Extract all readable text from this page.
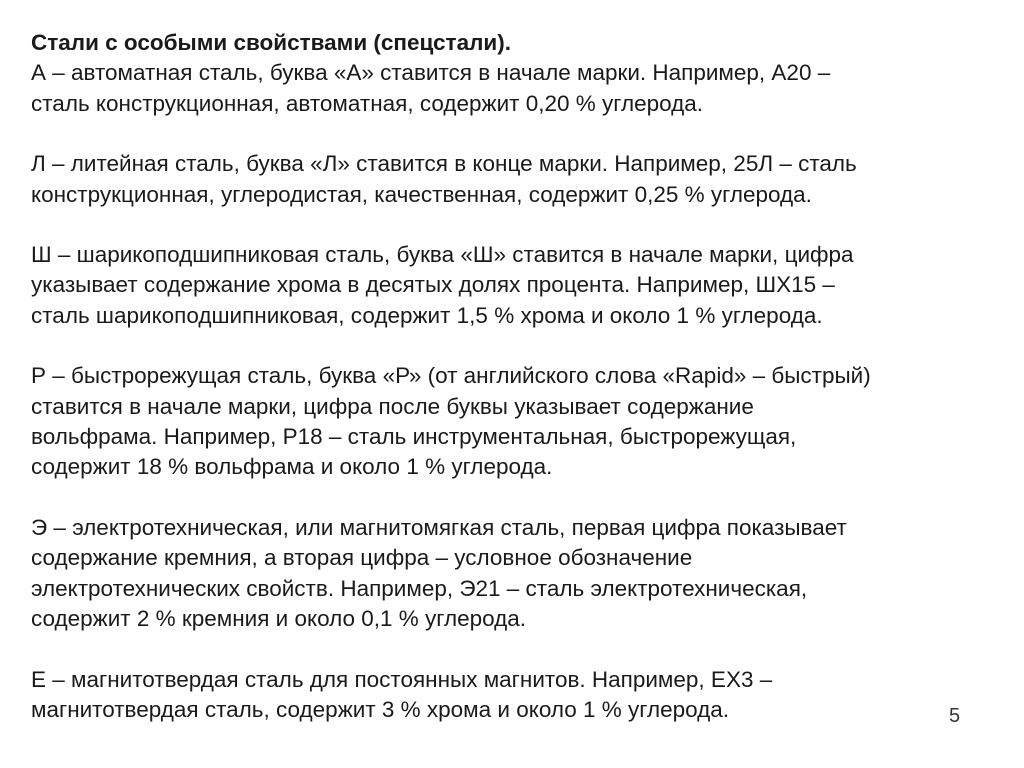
Стали с особыми свойствами (спецстали).
А – автоматная сталь, буква «А» ставится в начале марки. Например, А20 –
сталь конструкционная, автоматная, содержит 0,20 % углерода.
Л – литейная сталь, буква «Л» ставится в конце марки. Например, 25Л – сталь
конструкционная, углеродистая, качественная, содержит 0,25 % углерода.
Ш – шарикоподшипниковая сталь, буква «Ш» ставится в начале марки, цифра
указывает содержание хрома в десятых долях процента. Например, ШХ15 –
сталь шарикоподшипниковая, содержит 1,5 % хрома и около 1 % углерода.
Р – быстрорежущая сталь, буква «Р» (от английского слова «Rapid» – быстрый)
ставится в начале марки, цифра после буквы указывает содержание
вольфрама. Например, Р18 – сталь инструментальная, быстрорежущая,
содержит 18 % вольфрама и около 1 % углерода.
Э – электротехническая, или магнитомягкая сталь, первая цифра показывает
содержание кремния, а вторая цифра – условное обозначение
электротехнических свойств. Например, Э21 – сталь электротехническая,
содержит 2 % кремния и около 0,1 % углерода.
Е – магнитотвердая сталь для постоянных магнитов. Например, ЕХ3 –
магнитотвердая сталь, содержит 3 % хрома и около 1 % углерода.	5
